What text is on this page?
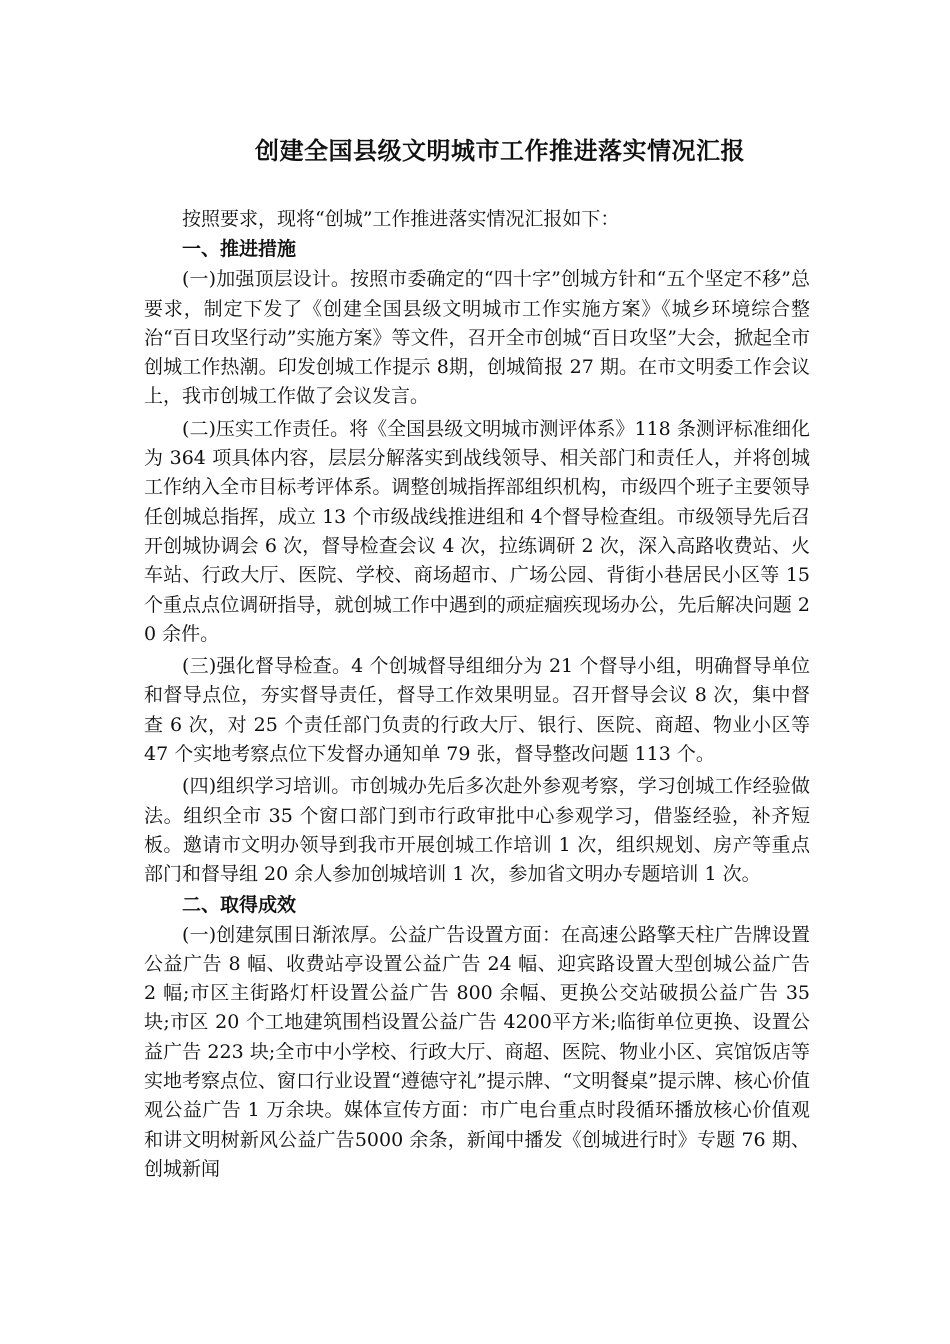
创建全国县级文明城市工作推进落实情况汇报

按照要求，现将“创城”工作推进落实情况汇报如下：

一、推进措施

(一)加强顶层设计。按照市委确定的“四十字”创城方针和“五个坚定不移”总要求，制定下发了《创建全国县级文明城市工作实施方案》《城乡环境综合整治“百日攻坚行动”实施方案》等文件，召开全市创城“百日攻坚”大会，掀起全市创城工作热潮。印发创城工作提示 8期，创城简报 27 期。在市文明委工作会议上，我市创城工作做了会议发言。

(二)压实工作责任。将《全国县级文明城市测评体系》118 条测评标准细化为 364 项具体内容，层层分解落实到战线领导、相关部门和责任人，并将创城工作纳入全市目标考评体系。调整创城指挥部组织机构，市级四个班子主要领导任创城总指挥，成立 13 个市级战线推进组和 4个督导检查组。市级领导先后召开创城协调会 6 次，督导检查会议 4 次，拉练调研 2 次，深入高路收费站、火车站、行政大厅、医院、学校、商场超市、广场公园、背街小巷居民小区等 15 个重点点位调研指导，就创城工作中遇到的顽症痼疾现场办公，先后解决问题 20 余件。

(三)强化督导检查。4 个创城督导组细分为 21 个督导小组，明确督导单位和督导点位，夯实督导责任，督导工作效果明显。召开督导会议 8 次，集中督查 6 次，对 25 个责任部门负责的行政大厅、银行、医院、商超、物业小区等 47 个实地考察点位下发督办通知单 79 张，督导整改问题 113 个。

(四)组织学习培训。市创城办先后多次赴外参观考察，学习创城工作经验做法。组织全市 35 个窗口部门到市行政审批中心参观学习，借鉴经验，补齐短板。邀请市文明办领导到我市开展创城工作培训 1 次，组织规划、房产等重点部门和督导组 20 余人参加创城培训 1 次，参加省文明办专题培训 1 次。

二、取得成效

(一)创建氛围日渐浓厚。公益广告设置方面：在高速公路擎天柱广告牌设置公益广告 8 幅、收费站亭设置公益广告 24 幅、迎宾路设置大型创城公益广告 2 幅;市区主街路灯杆设置公益广告 800 余幅、更换公交站破损公益广告 35 块;市区 20 个工地建筑围档设置公益广告 4200平方米;临街单位更换、设置公益广告 223 块;全市中小学校、行政大厅、商超、医院、物业小区、宾馆饭店等实地考察点位、窗口行业设置“遵德守礼”提示牌、“文明餐桌”提示牌、核心价值观公益广告 1 万余块。媒体宣传方面：市广电台重点时段循环播放核心价值观和讲文明树新风公益广告5000 余条，新闻中播发《创城进行时》专题 76 期、创城新闻
